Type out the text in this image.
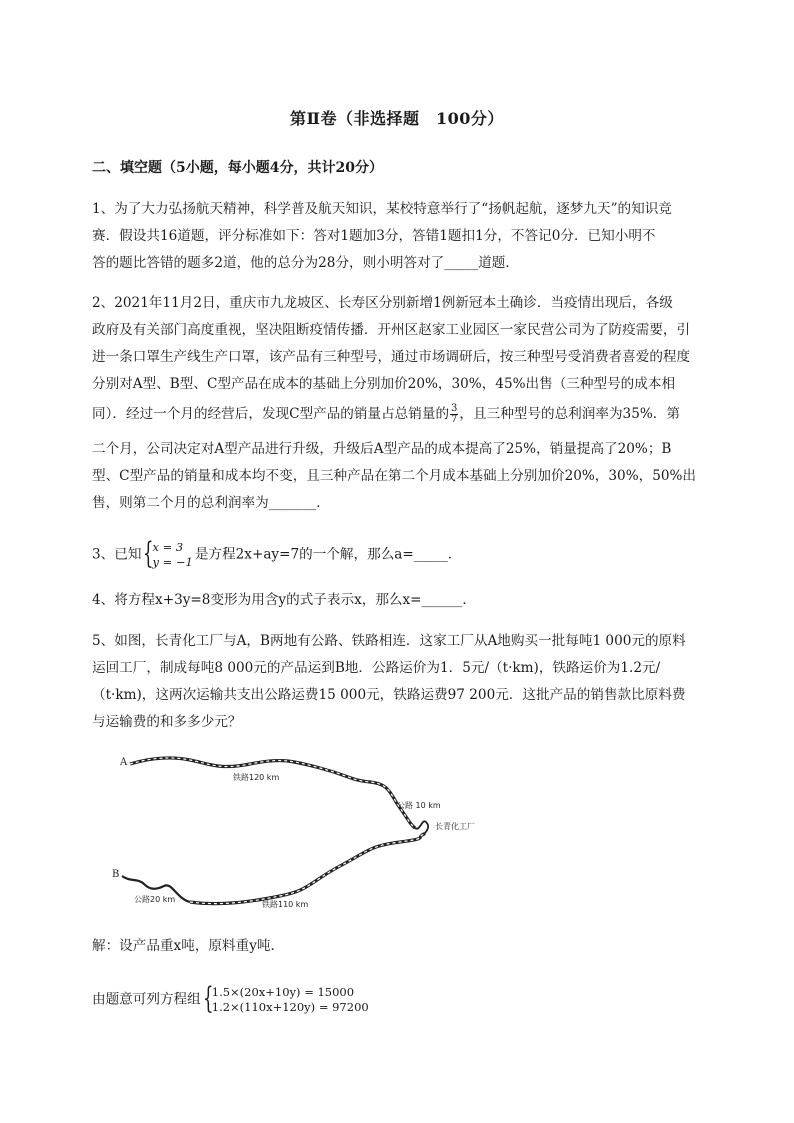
第Ⅱ卷（非选择题　100分）
二、填空题（5小题，每小题4分，共计20分）
1、为了大力弘扬航天精神，科学普及航天知识，某校特意举行了“扬帆起航，逐梦九天”的知识竞
赛．假设共16道题，评分标准如下：答对1题加3分，答错1题扣1分，不答记0分．已知小明不
答的题比答错的题多2道，他的总分为28分，则小明答对了_____道题．
2、2021年11月2日，重庆市九龙坡区、长寿区分别新增1例新冠本土确诊．当疫情出现后，各级
政府及有关部门高度重视，坚决阻断疫情传播．开州区赵家工业园区一家民营公司为了防疫需要，引
进一条口罩生产线生产口罩，该产品有三种型号，通过市场调研后，按三种型号受消费者喜爱的程度
分别对A型、B型、C型产品在成本的基础上分别加价20%，30%，45%出售（三种型号的成本相
同）．经过一个月的经营后，发现C型产品的销量占总销量的 $\frac{3}{7}$ ，且三种型号的总利润率为35%．第
二个月，公司决定对A型产品进行升级，升级后A型产品的成本提高了25%，销量提高了20%；B
型、C型产品的销量和成本均不变，且三种产品在第二个月成本基础上分别加价20%，30%，50%出
售，则第二个月的总利润率为_______．
3、已知 {
x = 3
y = −1 是方程2x+ay=7的一个解，那么a=_____．
4、将方程x+3y=8变形为用含y的式子表示x，那么x=______．
5、如图，长青化工厂与A，B两地有公路、铁路相连．这家工厂从A地购买一批每吨1 000元的原料
运回工厂，制成每吨8 000元的产品运到B地．公路运价为1．5元/（t·km)，铁路运价为1.2元/
（t·km)，这两次运输共支出公路运费15 000元，铁路运费97 200元．这批产品的销售款比原料费
与运输费的和多多少元？
A
B
铁路120 km
公路 10 km
长青化工厂
公路20 km
铁路110 km
解：设产品重x吨，原料重y吨．
由题意可列方程组 {
1.5×(20x+10y) = 15000
1.2×(110x+120y) = 97200
